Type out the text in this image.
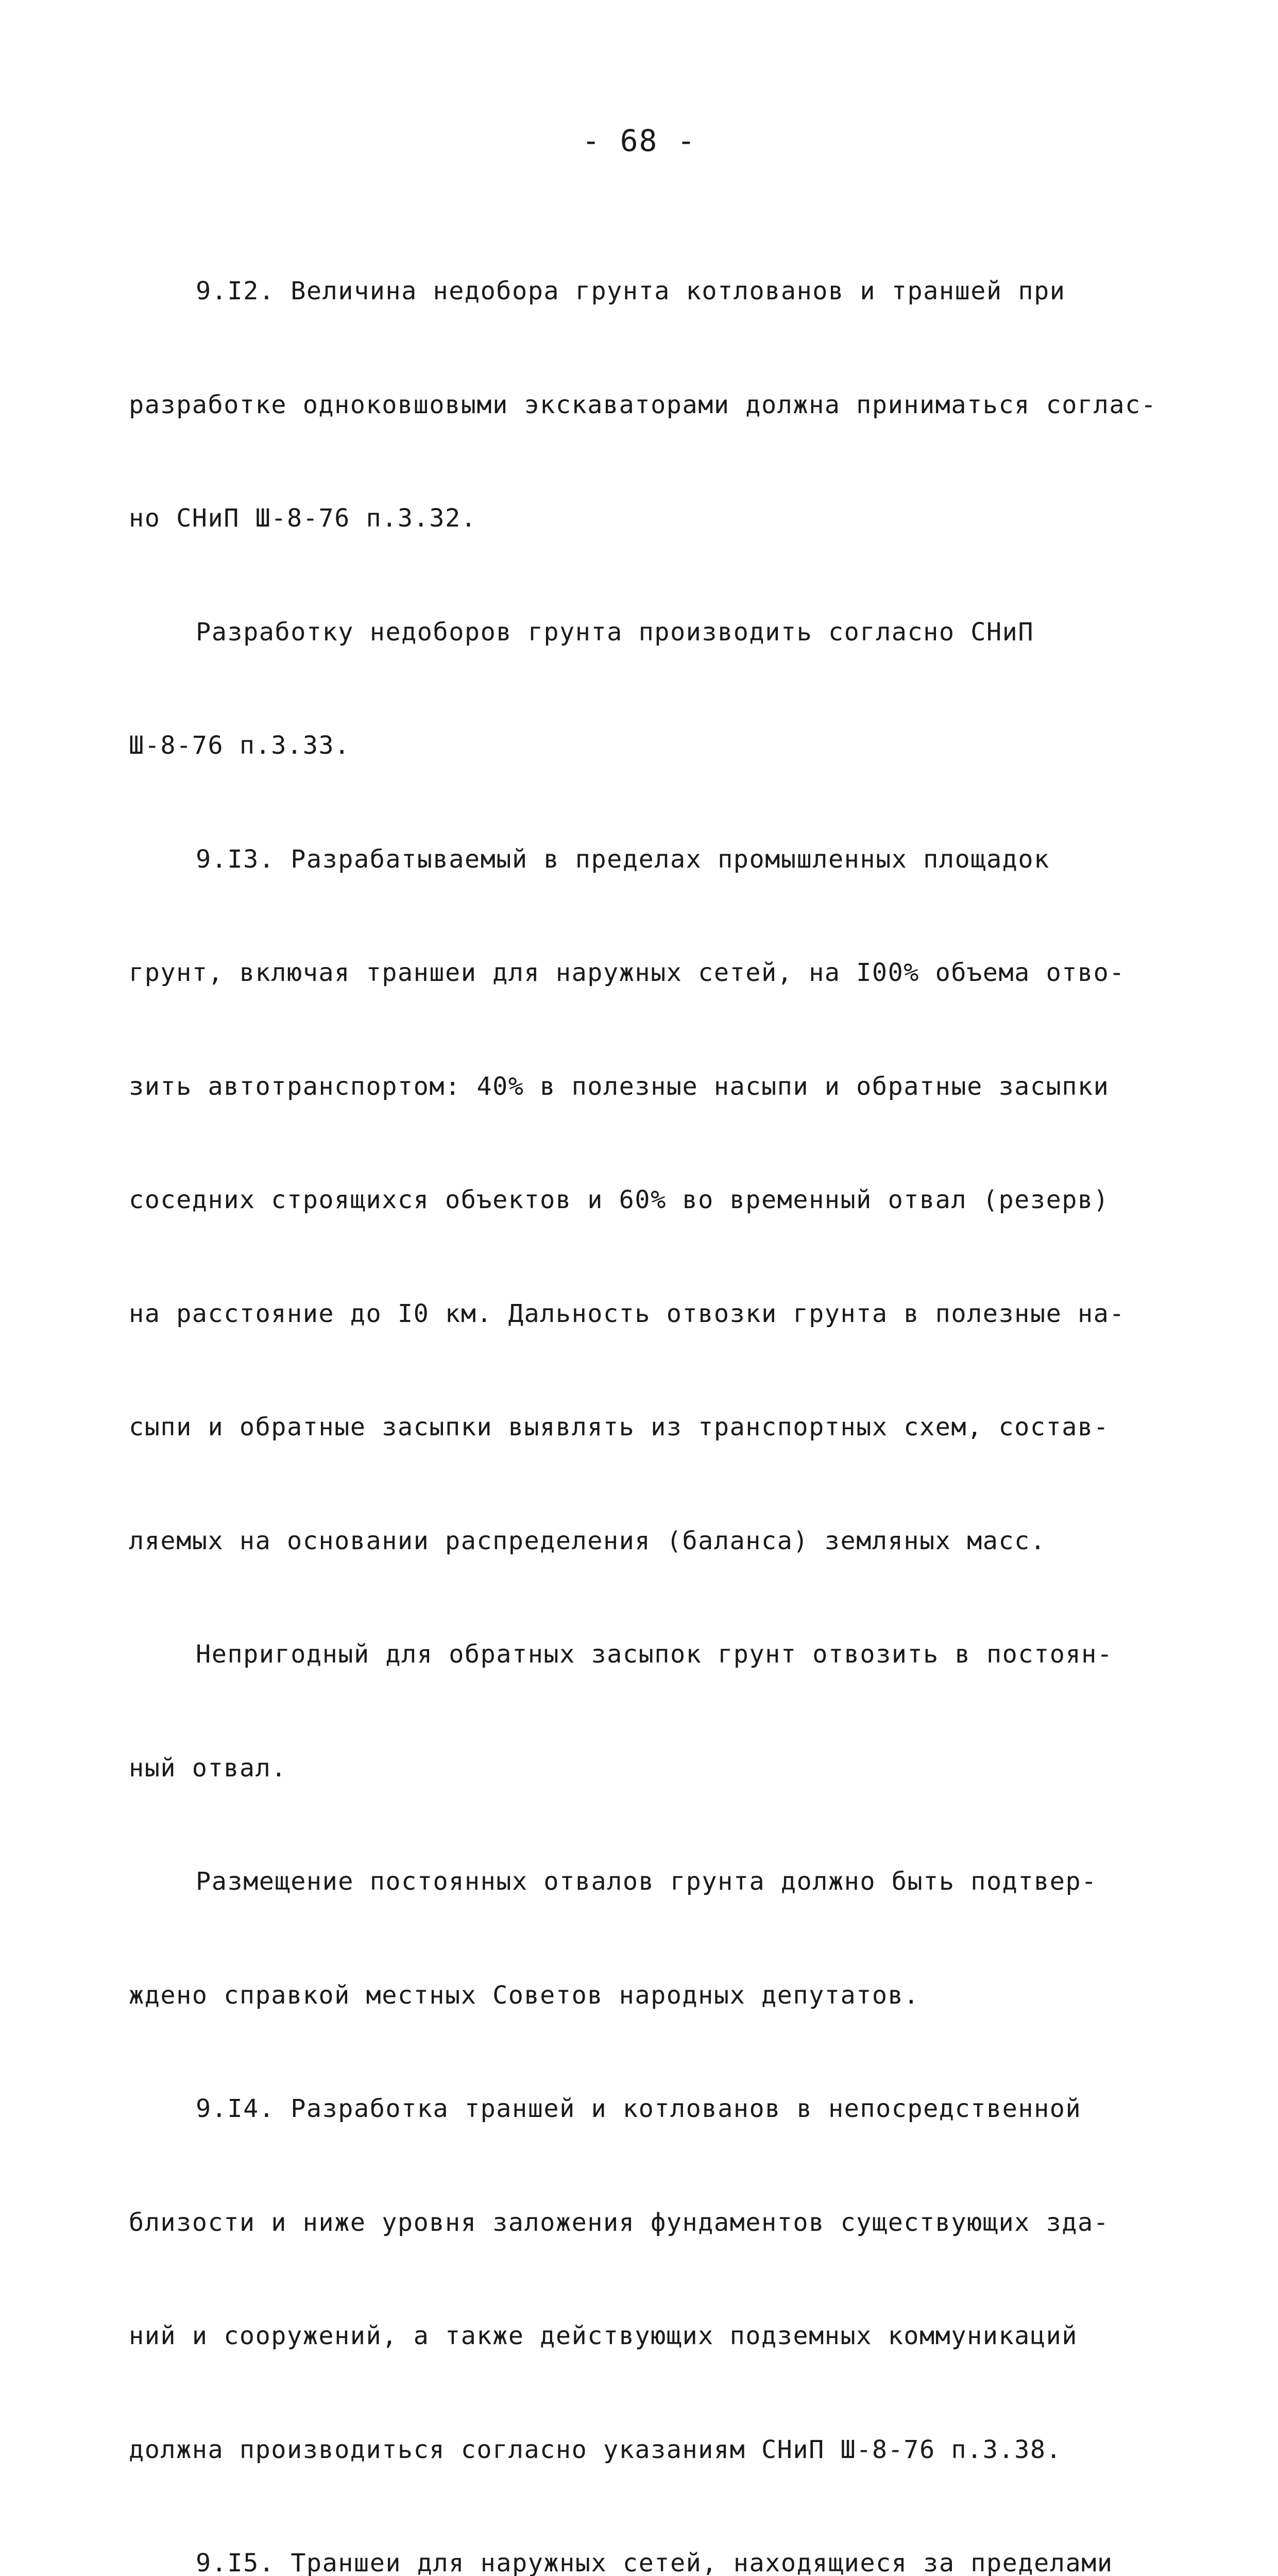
- 68 -

9.I2. Величина недобора грунта котлованов и траншей при

разработке одноковшовыми экскаваторами должна приниматься соглас-

но СНиП Ш-8-76 п.3.32.

Разработку недоборов грунта производить согласно СНиП

Ш-8-76 п.3.33.

9.I3. Разрабатываемый в пределах промышленных площадок

грунт, включая траншеи для наружных сетей, на I00% объема отво-

зить автотранспортом: 40% в полезные насыпи и обратные засыпки

соседних строящихся объектов и 60% во временный отвал (резерв)

на расстояние до I0 км. Дальность отвозки грунта в полезные на-

сыпи и обратные засыпки выявлять из транспортных схем, состав-

ляемых на основании распределения (баланса) земляных масс.

Непригодный для обратных засыпок грунт отвозить в постоян-

ный отвал.

Размещение постоянных отвалов грунта должно быть подтвер-

ждено справкой местных Советов народных депутатов.

9.I4. Разработка траншей и котлованов в непосредственной

близости и ниже уровня заложения фундаментов существующих зда-

ний и сооружений, а также действующих подземных коммуникаций

должна производиться согласно указаниям СНиП Ш-8-76 п.3.38.

9.I5. Траншеи для наружных сетей, находящиеся за пределами
